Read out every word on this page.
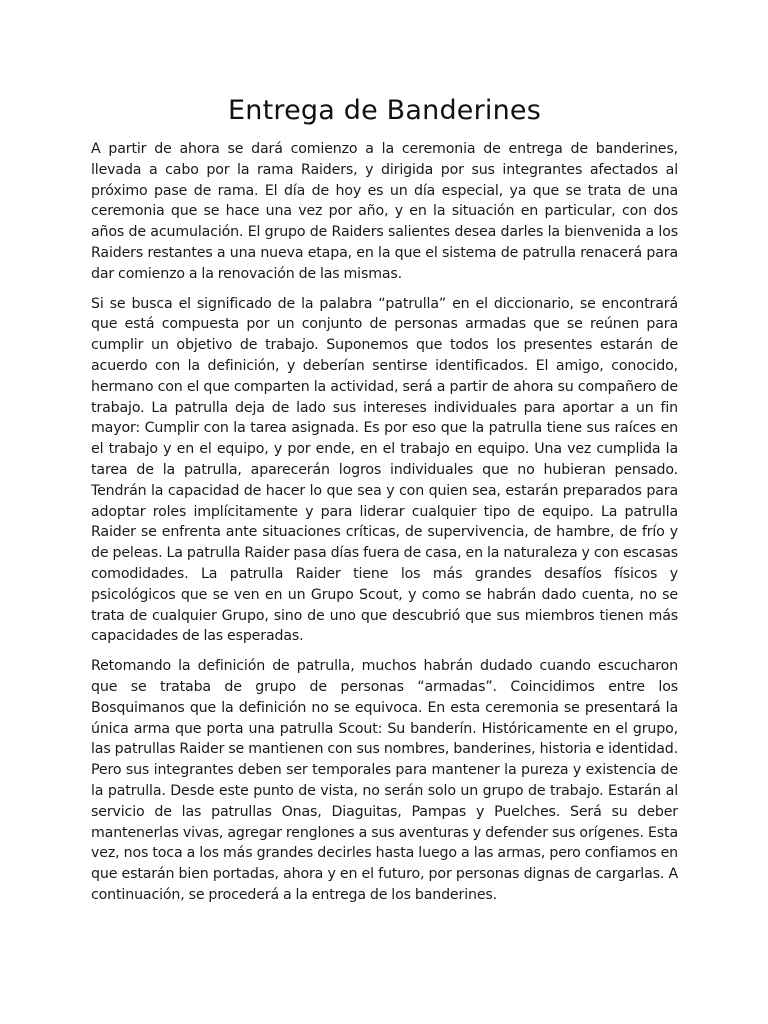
Entrega de Banderines

A partir de ahora se dará comienzo a la ceremonia de entrega de banderines, llevada a cabo por la rama Raiders, y dirigida por sus integrantes afectados al próximo pase de rama. El día de hoy es un día especial, ya que se trata de una ceremonia que se hace una vez por año, y en la situación en particular, con dos años de acumulación. El grupo de Raiders salientes desea darles la bienvenida a los Raiders restantes a una nueva etapa, en la que el sistema de patrulla renacerá para dar comienzo a la renovación de las mismas.

Si se busca el significado de la palabra “patrulla” en el diccionario, se encontrará que está compuesta por un conjunto de personas armadas que se reúnen para cumplir un objetivo de trabajo. Suponemos que todos los presentes estarán de acuerdo con la definición, y deberían sentirse identificados. El amigo, conocido, hermano con el que comparten la actividad, será a partir de ahora su compañero de trabajo. La patrulla deja de lado sus intereses individuales para aportar a un fin mayor: Cumplir con la tarea asignada. Es por eso que la patrulla tiene sus raíces en el trabajo y en el equipo, y por ende, en el trabajo en equipo. Una vez cumplida la tarea de la patrulla, aparecerán logros individuales que no hubieran pensado. Tendrán la capacidad de hacer lo que sea y con quien sea, estarán preparados para adoptar roles implícitamente y para liderar cualquier tipo de equipo. La patrulla Raider se enfrenta ante situaciones críticas, de supervivencia, de hambre, de frío y de peleas. La patrulla Raider pasa días fuera de casa, en la naturaleza y con escasas comodidades. La patrulla Raider tiene los más grandes desafíos físicos y psicológicos que se ven en un Grupo Scout, y como se habrán dado cuenta, no se trata de cualquier Grupo, sino de uno que descubrió que sus miembros tienen más capacidades de las esperadas.

Retomando la definición de patrulla, muchos habrán dudado cuando escucharon que se trataba de grupo de personas “armadas”. Coincidimos entre los Bosquimanos que la definición no se equivoca. En esta ceremonia se presentará la única arma que porta una patrulla Scout: Su banderín. Históricamente en el grupo, las patrullas Raider se mantienen con sus nombres, banderines, historia e identidad. Pero sus integrantes deben ser temporales para mantener la pureza y existencia de la patrulla. Desde este punto de vista, no serán solo un grupo de trabajo. Estarán al servicio de las patrullas Onas, Diaguitas, Pampas y Puelches. Será su deber mantenerlas vivas, agregar renglones a sus aventuras y defender sus orígenes. Esta vez, nos toca a los más grandes decirles hasta luego a las armas, pero confiamos en que estarán bien portadas, ahora y en el futuro, por personas dignas de cargarlas. A continuación, se procederá a la entrega de los banderines.
